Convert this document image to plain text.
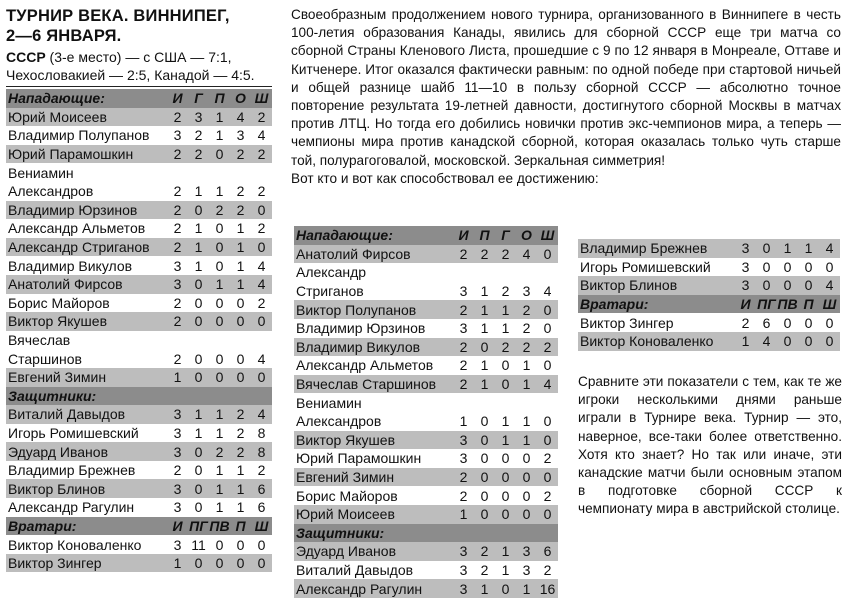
ТУРНИР ВЕКА. ВИННИПЕГ,
2—6 ЯНВАРЯ.
СССР (3-е место) — с США — 7:1,
Чехословакией — 2:5, Канадой — 4:5.
Нападающие:	И	Г	П	О	Ш
Юрий Моисеев	2	3	1	4	2
Владимир Полупанов	3	2	1	3	4
Юрий Парамошкин	2	2	0	2	2
Вениамин					
Александров	2	1	1	2	2
Владимир Юрзинов	2	0	2	2	0
Александр Альметов	2	1	0	1	2
Александр Стриганов	2	1	0	1	0
Владимир Викулов	3	1	0	1	4
Анатолий Фирсов	3	0	1	1	4
Борис Майоров	2	0	0	0	2
Виктор Якушев	2	0	0	0	0
Вячеслав					
Старшинов	2	0	0	0	4
Евгений Зимин	1	0	0	0	0
Защитники:					
Виталий Давыдов	3	1	1	2	4
Игорь Ромишевский	3	1	1	2	8
Эдуард Иванов	3	0	2	2	8
Владимир Брежнев	2	0	1	1	2
Виктор Блинов	3	0	1	1	6
Александр Рагулин	3	0	1	1	6
Вратари:	И	ПГ	ПВ	П	Ш
Виктор Коноваленко	3	11	0	0	0
Виктор Зингер	1	0	0	0	0
Своеобразным продолжением нового турнира, организованного в Виннипеге в честь 100-летия образования Канады, явились для сборной СССР еще три матча со сборной Страны Кленового Листа, прошедшие с 9 по 12 января в Монреале, Оттаве и Китченере. Итог оказался фактически равным: по одной победе при стартовой ничьей и общей разнице шайб 11—10 в пользу сборной СССР — абсолютно точное повторение результата 19-летней давности, достигнутого сборной Москвы в матчах против ЛТЦ. Но тогда его добились новички против экс-чемпионов мира, а теперь — чемпионы мира против канадской сборной, которая оказалась только чуть старше той, полурагоговалой, московской. Зеркальная симметрия!
Вот кто и вот как способствовал ее достижению:
Нападающие:	И	П	Г	О	Ш
Анатолий Фирсов	2	2	2	4	0
Александр					
Стриганов	3	1	2	3	4
Виктор Полупанов	2	1	1	2	0
Владимир Юрзинов	3	1	1	2	0
Владимир Викулов	2	0	2	2	2
Александр Альметов	2	1	0	1	0
Вячеслав Старшинов	2	1	0	1	4
Вениамин					
Александров	1	0	1	1	0
Виктор Якушев	3	0	1	1	0
Юрий Парамошкин	3	0	0	0	2
Евгений Зимин	2	0	0	0	0
Борис Майоров	2	0	0	0	2
Юрий Моисеев	1	0	0	0	0
Защитники:					
Эдуард Иванов	3	2	1	3	6
Виталий Давыдов	3	2	1	3	2
Александр Рагулин	3	1	0	1	16
Владимир Брежнев	3	0	1	1	4
Игорь Ромишевский	3	0	0	0	0
Виктор Блинов	3	0	0	0	4
Вратари:	И	ПГ	ПВ	П	Ш
Виктор Зингер	2	6	0	0	0
Виктор Коноваленко	1	4	0	0	0
Сравните эти показатели с тем, как те же игроки несколькими днями раньше играли в Турнире века. Турнир — это, наверное, все-таки более ответственно. Хотя кто знает? Но так или иначе, эти канадские матчи были основным этапом в подготовке сборной СССР к чемпионату мира в австрийской столице.
